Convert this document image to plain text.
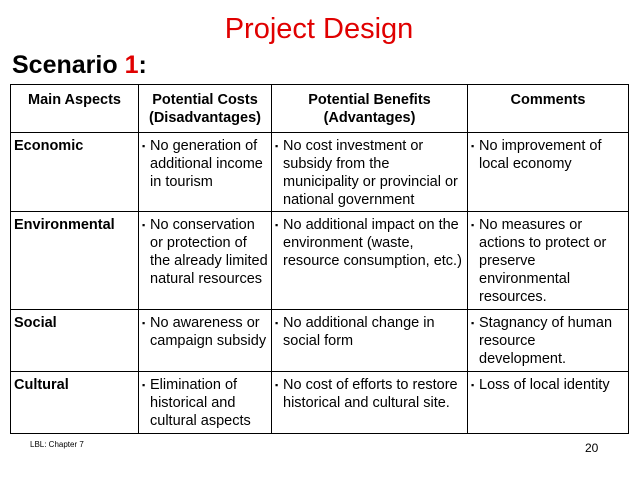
Project Design
Scenario 1:
Main Aspects	Potential Costs (Disadvantages)	Potential Benefits (Advantages)	Comments
Economic	▪ No generation of additional income in tourism	▪ No cost investment or subsidy from the municipality or provincial or national government	▪ No improvement of local economy

Environmental	▪ No conservation or protection of the already limited natural resources	▪ No additional impact on the environment (waste, resource consumption, etc.)	▪ No measures or actions to protect or preserve environmental resources.

Social	▪ No awareness or campaign subsidy	▪ No additional change in social form	▪ Stagnancy of human resource development.

Cultural	▪ Elimination of historical and cultural aspects	▪ No cost of efforts to restore historical and cultural site.	▪ Loss of local identity
LBL: Chapter 7	20
